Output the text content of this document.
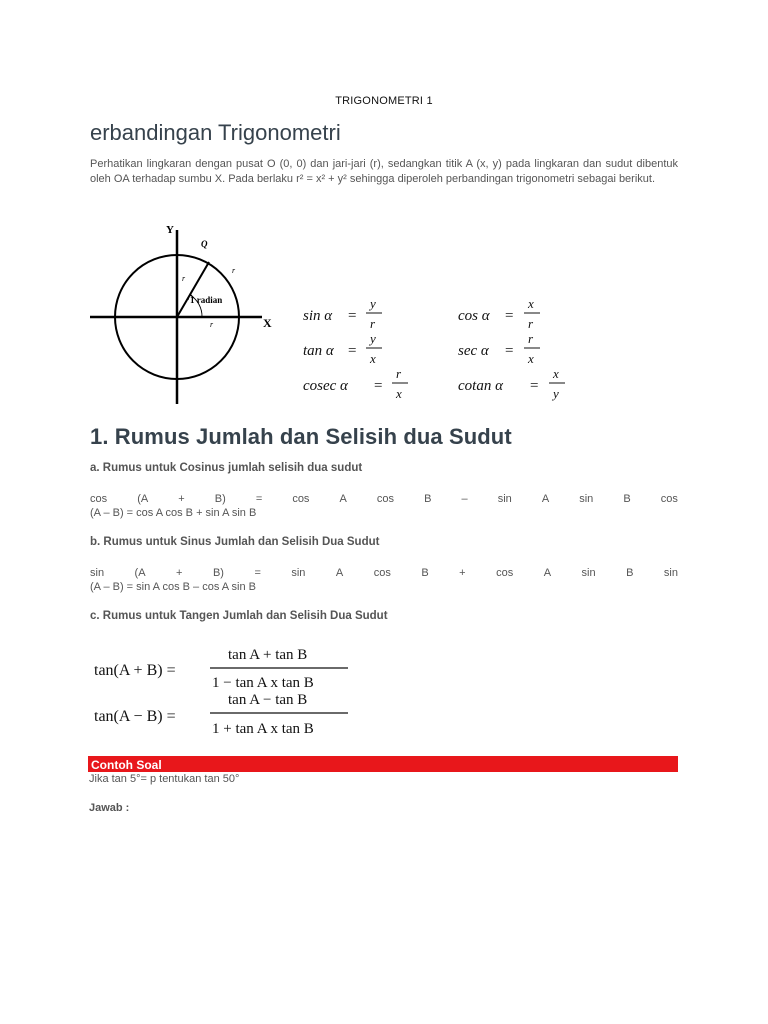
TRIGONOMETRI 1
erbandingan Trigonometri
Perhatikan lingkaran dengan pusat O (0, 0) dan jari-jari (r), sedangkan titik A (x, y) pada lingkaran dan sudut dibentuk oleh OA terhadap sumbu X. Pada berlaku r² = x² + y² sehingga diperoleh perbandingan trigonometri sebagai berikut.
Y
X
Q
r
r
r
1 radian
sin α =
y
r	cos α =
x
r
tan α =
y
x	sec α =
r
x
cosec α =
r
x	cotan α =
x
y
1. Rumus Jumlah dan Selisih dua Sudut
a. Rumus untuk Cosinus jumlah selisih dua sudut
cos	(A	+	B)	=	cos	A	cos	B	–	sin	A	sin	B	cos
(A – B) = cos A cos B + sin A sin B
b. Rumus untuk Sinus Jumlah dan Selisih Dua Sudut
sin	(A	+	B)	=	sin	A	cos	B	+	cos	A	sin	B	sin
(A – B) = sin A cos B – cos A sin B
c. Rumus untuk Tangen Jumlah dan Selisih Dua Sudut
tan(A + B) =
tan A + tan B
1 − tan A x tan B
tan(A − B) =
tan A − tan B
1 + tan A x tan B
Contoh Soal
Jika tan 5°= p tentukan tan 50°
Jawab :
